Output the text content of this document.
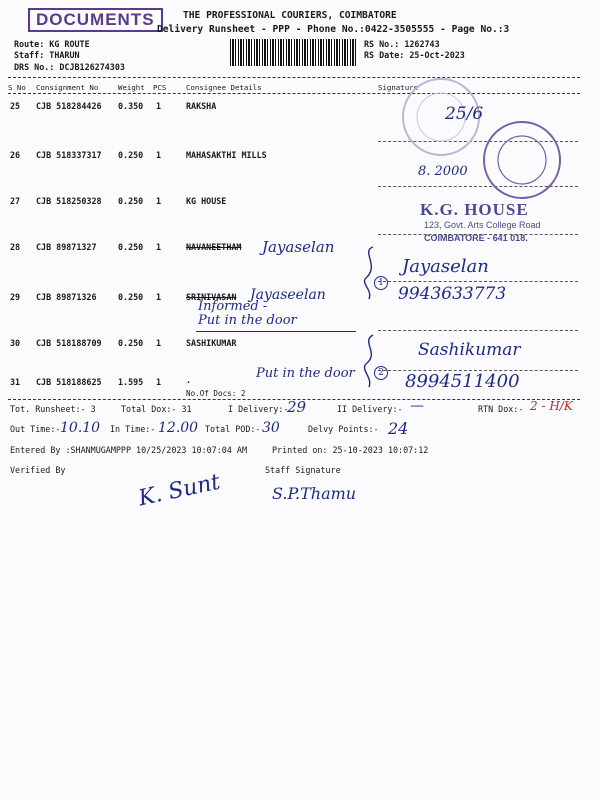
DOCUMENTS	THE PROFESSIONAL COURIERS, COIMBATORE
Delivery Runsheet - PPP - Phone No.:0422-3505555 - Page No.:3
Route: KG ROUTE
Staff: THARUN
DRS No.: DCJB126274303
RS No.: 1262743
RS Date: 25-Oct-2023
S No Consignment No	Weight PCS	Consignee Details	Signature
25 CJB 518284426 0.350 1	RAKSHA
26 CJB 518337317 0.250 1	MAHASAKTHI MILLS
27 CJB 518250328 0.250 1	KG HOUSE
28 CJB 89871327	0.250 1	NAVANEETHAM
29 CJB 89871326	0.250 1	SRINIVASAN
30 CJB 518188709 0.250 1	SASHIKUMAR
31 CJB 518188625 1.595 1	.
No.Of Docs: 2
K.G. HOUSE
123, Govt. Arts College Road
COIMBATORE - 641 018.
25/6
8. 2000
Jayaselan
Jayaseelan
Informed -
Put in the door
1
2
Jayaselan
9943633773
Sashikumar
8994511400
Put in the door
Tot. Runsheet:- 3	Total Dox:- 31	I Delivery:-
29	II Delivery:- —	RTN Dox:- 2 - H/K
Out Time:- 10.10 In Time:- 12.00 Total POD:- 30	Delvy Points:- 24
Entered By :SHANMUGAMPPP 10/25/2023 10:07:04 AM	Printed on: 25-10-2023 10:07:12
Verified By	Staff Signature
K. Sunt	S.P.Thamu
